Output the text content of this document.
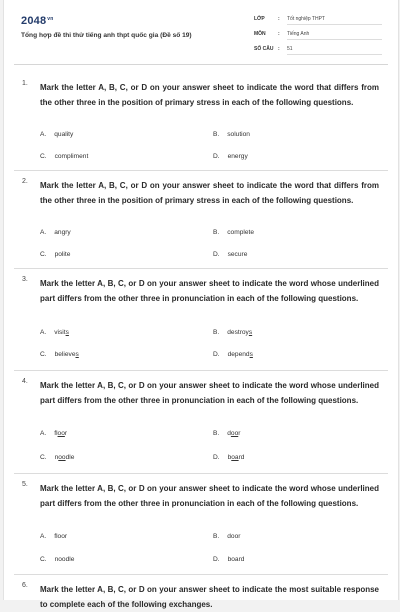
$2048^{vn}$
Tổng hợp đề thi thử tiếng anh thpt quốc gia (Đề số 19)
LỚP	: Tốt nghiệp THPT
MÔN : Tiếng Anh
SỐ CÂU : 51
1. Mark the letter A, B, C, or D on your answer sheet to indicate the word that differs from the other three in the position of primary stress in each of the following questions.

A. quality	B. solution
C. compliment	D. energy
2. Mark the letter A, B, C, or D on your answer sheet to indicate the word that differs from the other three in the position of primary stress in each of the following questions.

A. angry	B. complete
C. polite	D. secure
3. Mark the letter A, B, C, or D on your answer sheet to indicate the word whose underlined part differs from the other three in pronunciation in each of the following questions.

A. visits	B. destroys
C. believes	D. depends
4. Mark the letter A, B, C, or D on your answer sheet to indicate the word whose underlined part differs from the other three in pronunciation in each of the following questions.

A. floor	B. door
C. noodle	D. board
5. Mark the letter A, B, C, or D on your answer sheet to indicate the word whose underlined part differs from the other three in pronunciation in each of the following questions.

A. floor	B. door
C. noodle	D. board
6. Mark the letter A, B, C, or D on your answer sheet to indicate the most suitable response to complete each of the following exchanges.
